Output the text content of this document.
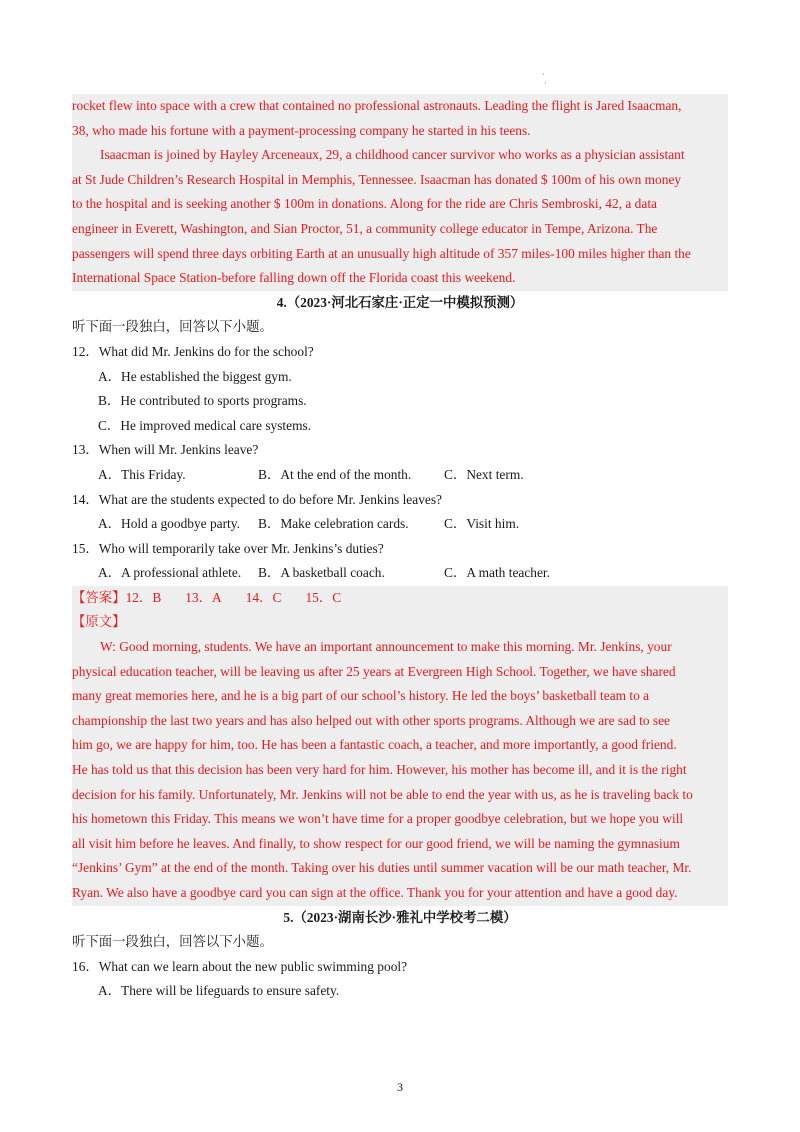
·
·
rocket flew into space with a crew that contained no professional astronauts. Leading the flight is Jared Isaacman,
38, who made his fortune with a payment-processing company he started in his teens.
Isaacman is joined by Hayley Arceneaux, 29, a childhood cancer survivor who works as a physician assistant
at St Jude Children’s Research Hospital in Memphis, Tennessee. Isaacman has donated $ 100m of his own money
to the hospital and is seeking another $ 100m in donations. Along for the ride are Chris Sembroski, 42, a data
engineer in Everett, Washington, and Sian Proctor, 51, a community college educator in Tempe, Arizona. The
passengers will spend three days orbiting Earth at an unusually high altitude of 357 miles-100 miles higher than the
International Space Station-before falling down off the Florida coast this weekend.
4.（2023·河北石家庄·正定一中模拟预测）
听下面一段独白，回答以下小题。
12．What did Mr. Jenkins do for the school?
A．He established the biggest gym.
B．He contributed to sports programs.
C．He improved medical care systems.
13．When will Mr. Jenkins leave?
A．This Friday.	B．At the end of the month.	C．Next term.
14．What are the students expected to do before Mr. Jenkins leaves?
A．Hold a goodbye party.	B．Make celebration cards.	C．Visit him.
15．Who will temporarily take over Mr. Jenkins’s duties?
A．A professional athlete.	B．A basketball coach.	C．A math teacher.
【答案】12．B 13．A 14．C 15．C
【原文】
W: Good morning, students. We have an important announcement to make this morning. Mr. Jenkins, your
physical education teacher, will be leaving us after 25 years at Evergreen High School. Together, we have shared
many great memories here, and he is a big part of our school’s history. He led the boys’ basketball team to a
championship the last two years and has also helped out with other sports programs. Although we are sad to see
him go, we are happy for him, too. He has been a fantastic coach, a teacher, and more importantly, a good friend.
He has told us that this decision has been very hard for him. However, his mother has become ill, and it is the right
decision for his family. Unfortunately, Mr. Jenkins will not be able to end the year with us, as he is traveling back to
his hometown this Friday. This means we won’t have time for a proper goodbye celebration, but we hope you will
all visit him before he leaves. And finally, to show respect for our good friend, we will be naming the gymnasium
“Jenkins’ Gym” at the end of the month. Taking over his duties until summer vacation will be our math teacher, Mr.
Ryan. We also have a goodbye card you can sign at the office. Thank you for your attention and have a good day.
5.（2023·湖南长沙·雅礼中学校考二模）
听下面一段独白，回答以下小题。
16．What can we learn about the new public swimming pool?
A．There will be lifeguards to ensure safety.
3
